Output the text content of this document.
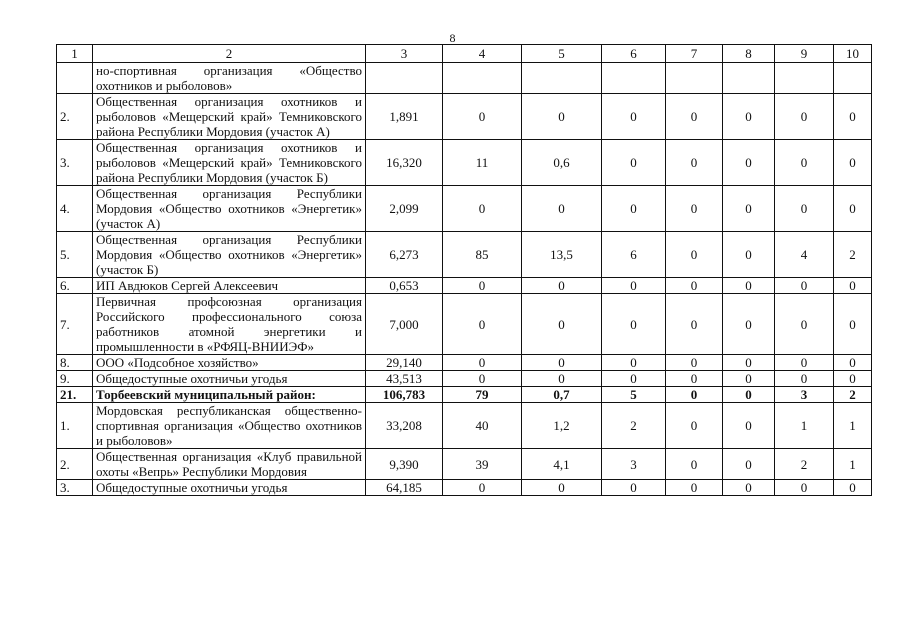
8
1	2	3	4	5	6	7	8	9	10
	но-спортивная организация «Общество охотников и рыболовов»								
2.	Общественная организация охотников и рыболовов «Мещерский край» Темниковского района Республики Мордовия (участок А)	1,891	0	0	0	0	0	0	0
3.	Общественная организация охотников и рыболовов «Мещерский край» Темниковского района Республики Мордовия (участок Б)	16,320	11	0,6	0	0	0	0	0
4.	Общественная организация Республики Мордовия «Общество охотников «Энергетик» (участок А)	2,099	0	0	0	0	0	0	0
5.	Общественная организация Республики Мордовия «Общество охотников «Энергетик» (участок Б)	6,273	85	13,5	6	0	0	4	2
6.	ИП Авдюков Сергей Алексеевич	0,653	0	0	0	0	0	0	0
7.	Первичная профсоюзная организация Российского профессионального союза работников атомной энергетики и промышленности в «РФЯЦ-ВНИИЭФ»	7,000	0	0	0	0	0	0	0
8.	ООО «Подсобное хозяйство»	29,140	0	0	0	0	0	0	0
9.	Общедоступные охотничьи угодья	43,513	0	0	0	0	0	0	0
21.	Торбеевский муниципальный район:	106,783	79	0,7	5	0	0	3	2
1.	Мордовская республиканская общественно-спортивная организация «Общество охотников и рыболовов»	33,208	40	1,2	2	0	0	1	1
2.	Общественная организация «Клуб правильной охоты «Вепрь» Республики Мордовия	9,390	39	4,1	3	0	0	2	1
3.	Общедоступные охотничьи угодья	64,185	0	0	0	0	0	0	0
